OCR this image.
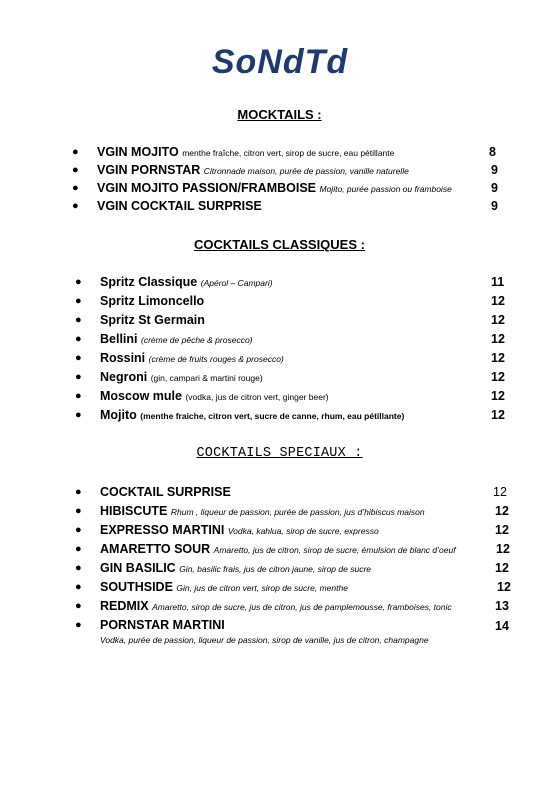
SoNdTd
MOCKTAILS :
● VGIN MOJITO menthe fraîche, citron vert, sirop de sucre, eau pétillante	8
● VGIN PORNSTAR Citronnade maison, purée de passion, vanille naturelle	9
● VGIN MOJITO PASSION/FRAMBOISE Mojito, purée passion ou framboise	9
● VGIN COCKTAIL SURPRISE	9
COCKTAILS CLASSIQUES :
● Spritz Classique (Apérol – Campari)	11
● Spritz Limoncello	12
● Spritz St Germain	12
● Bellini (crème de pêche & prosecco)	12
● Rossini (crème de fruits rouges & prosecco)	12
● Negroni (gin, campari & martini rouge)	12
● Moscow mule (vodka, jus de citron vert, ginger beer)	12
● Mojito (menthe fraiche, citron vert, sucre de canne, rhum, eau pétillante)	12
COCKTAILS SPECIAUX :
● COCKTAIL SURPRISE	12
● HIBISCUTE Rhum , liqueur de passion, purée de passion, jus d’hibiscus maison	12
● EXPRESSO MARTINI Vodka, kahlua, sirop de sucre, expresso	12
● AMARETTO SOUR Amaretto, jus de citron, sirop de sucre, émulsion de blanc d’oeuf	12
● GIN BASILIC Gin, basilic frais, jus de citron jaune, sirop de sucre	12
● SOUTHSIDE Gin, jus de citron vert, sirop de sucre, menthe	12
● REDMIX Amaretto, sirop de sucre, jus de citron, jus de pamplemousse, framboises, tonic	13
● PORNSTAR MARTINI	14
Vodka, purée de passion, liqueur de passion, sirop de vanille, jus de citron, champagne
